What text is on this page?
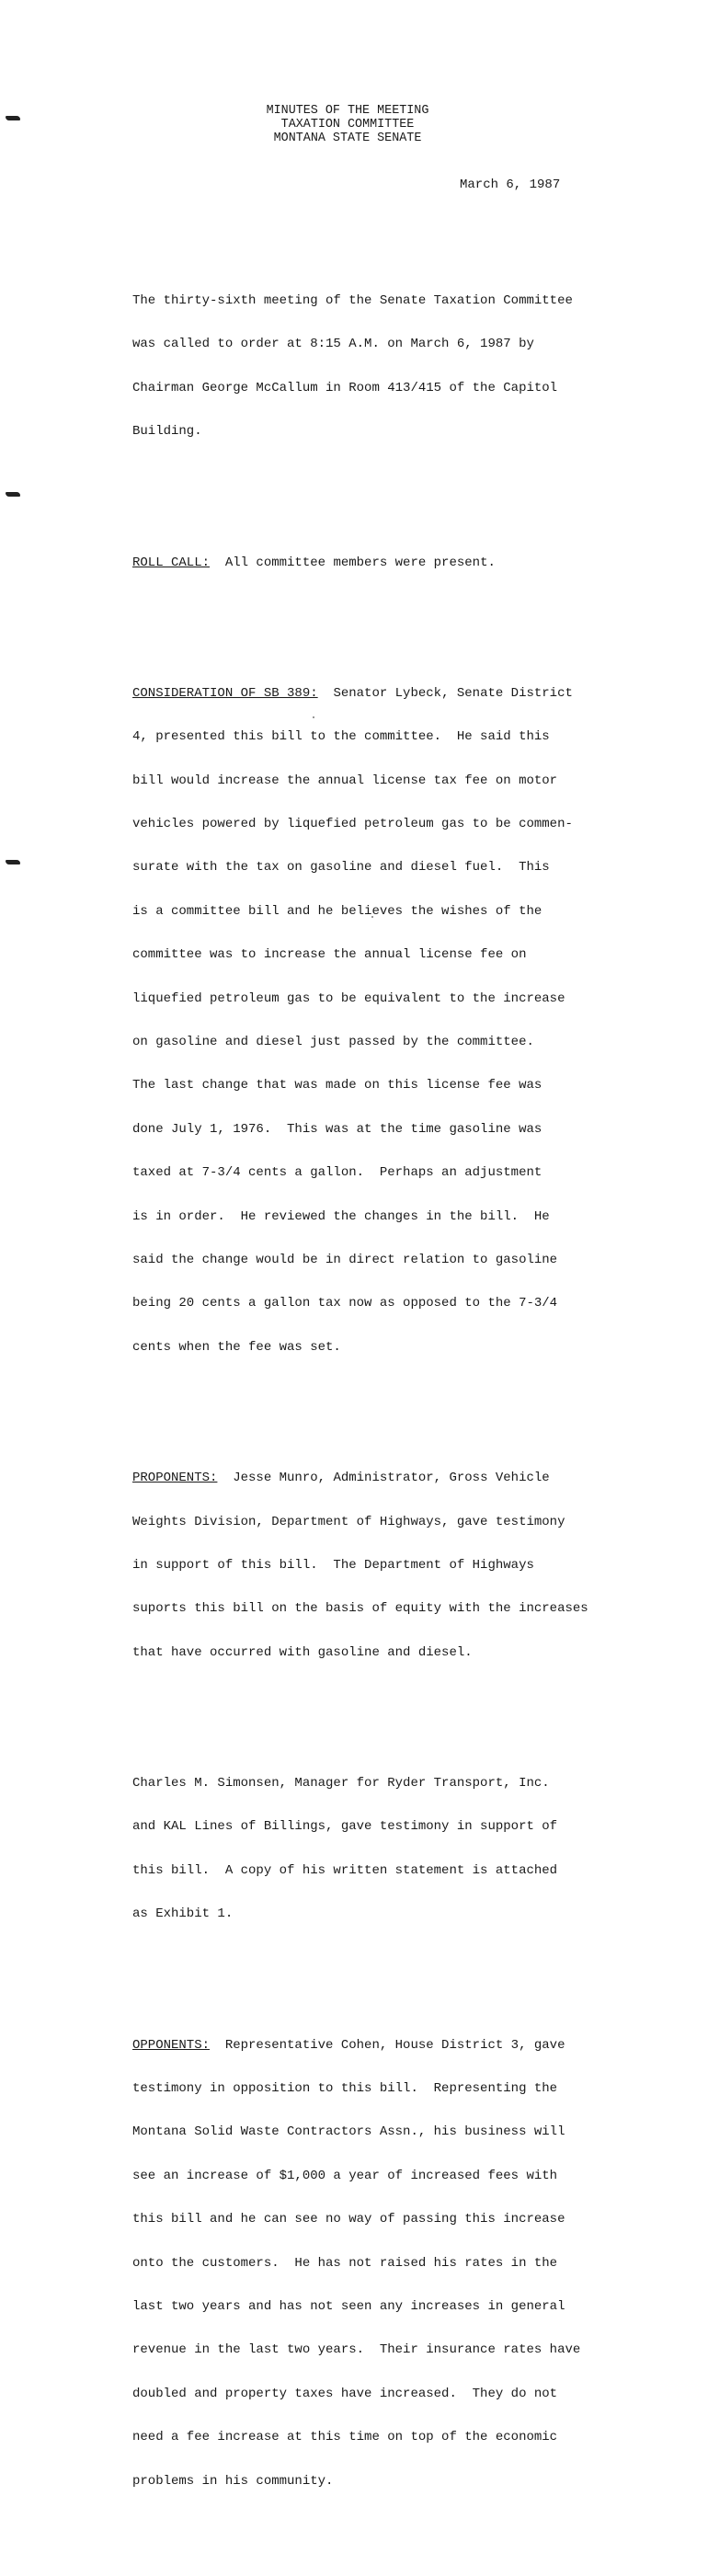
MINUTES OF THE MEETING
TAXATION COMMITTEE
MONTANA STATE SENATE
March 6, 1987

The thirty-sixth meeting of the Senate Taxation Committee

was called to order at 8:15 A.M. on March 6, 1987 by

Chairman George McCallum in Room 413/415 of the Capitol

Building.

ROLL CALL:  All committee members were present.

CONSIDERATION OF SB 389:  Senator Lybeck, Senate District

4, presented this bill to the committee.  He said this

bill would increase the annual license tax fee on motor

vehicles powered by liquefied petroleum gas to be commen-

surate with the tax on gasoline and diesel fuel.  This

is a committee bill and he believes the wishes of the

committee was to increase the annual license fee on

liquefied petroleum gas to be equivalent to the increase

on gasoline and diesel just passed by the committee.

The last change that was made on this license fee was

done July 1, 1976.  This was at the time gasoline was

taxed at 7-3/4 cents a gallon.  Perhaps an adjustment

is in order.  He reviewed the changes in the bill.  He

said the change would be in direct relation to gasoline

being 20 cents a gallon tax now as opposed to the 7-3/4

cents when the fee was set.

PROPONENTS:  Jesse Munro, Administrator, Gross Vehicle

Weights Division, Department of Highways, gave testimony

in support of this bill.  The Department of Highways

suports this bill on the basis of equity with the increases

that have occurred with gasoline and diesel.

Charles M. Simonsen, Manager for Ryder Transport, Inc.

and KAL Lines of Billings, gave testimony in support of

this bill.  A copy of his written statement is attached

as Exhibit 1.

OPPONENTS:  Representative Cohen, House District 3, gave

testimony in opposition to this bill.  Representing the

Montana Solid Waste Contractors Assn., his business will

see an increase of $1,000 a year of increased fees with

this bill and he can see no way of passing this increase

onto the customers.  He has not raised his rates in the

last two years and has not seen any increases in general

revenue in the last two years.  Their insurance rates have

doubled and property taxes have increased.  They do not

need a fee increase at this time on top of the economic

problems in his community.
